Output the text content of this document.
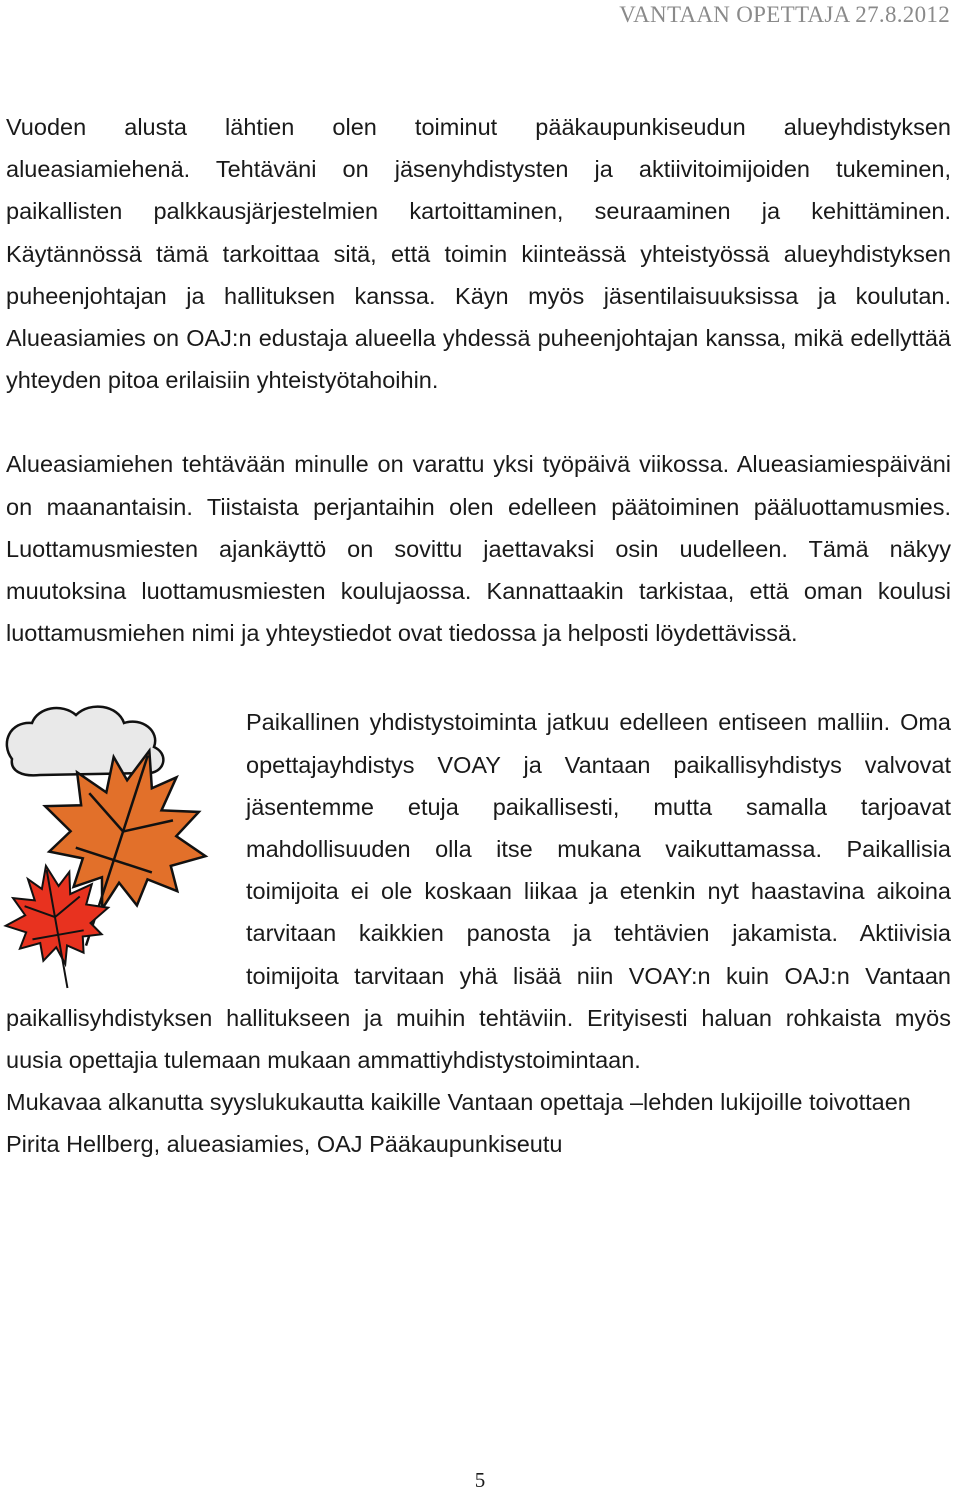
VANTAAN OPETTAJA 27.8.2012

Vuoden alusta lähtien olen toiminut pääkaupunkiseudun alueyhdistyksen alueasiamiehenä. Tehtäväni on jäsenyhdistysten ja aktiivitoimijoiden tukeminen, paikallisten palkkausjärjestelmien kartoittaminen, seuraaminen ja kehittäminen. Käytännössä tämä tarkoittaa sitä, että toimin kiinteässä yhteistyössä alueyhdistyksen puheenjohtajan ja hallituksen kanssa. Käyn myös jäsentilaisuuksissa ja koulutan. Alueasiamies on OAJ:n edustaja alueella yhdessä puheenjohtajan kanssa, mikä edellyttää yhteyden pitoa erilaisiin yhteistyötahoihin.

Alueasiamiehen tehtävään minulle on varattu yksi työpäivä viikossa. Alueasiamiespäiväni on maanantaisin. Tiistaista perjantaihin olen edelleen päätoiminen pääluottamusmies. Luottamusmiesten ajankäyttö on sovittu jaettavaksi osin uudelleen. Tämä näkyy muutoksina luottamusmiesten koulujaossa. Kannattaakin tarkistaa, että oman koulusi luottamusmiehen nimi ja yhteystiedot ovat tiedossa ja helposti löydettävissä.

Paikallinen yhdistystoiminta jatkuu edelleen entiseen malliin. Oma opettajayhdistys VOAY ja Vantaan paikallisyhdistys valvovat jäsentemme etuja paikallisesti, mutta samalla tarjoavat mahdollisuuden olla itse mukana vaikuttamassa. Paikallisia toimijoita ei ole koskaan liikaa ja etenkin nyt haastavina aikoina tarvitaan kaikkien panosta ja tehtävien jakamista. Aktiivisia toimijoita tarvitaan yhä lisää niin VOAY:n kuin OAJ:n Vantaan paikallisyhdistyksen hallitukseen ja muihin tehtäviin. Erityisesti haluan rohkaista myös uusia opettajia tulemaan mukaan ammattiyhdistystoimintaan.

Mukavaa alkanutta syyslukukautta kaikille Vantaan opettaja –lehden lukijoille toivottaen

Pirita Hellberg, alueasiamies, OAJ Pääkaupunkiseutu

5
